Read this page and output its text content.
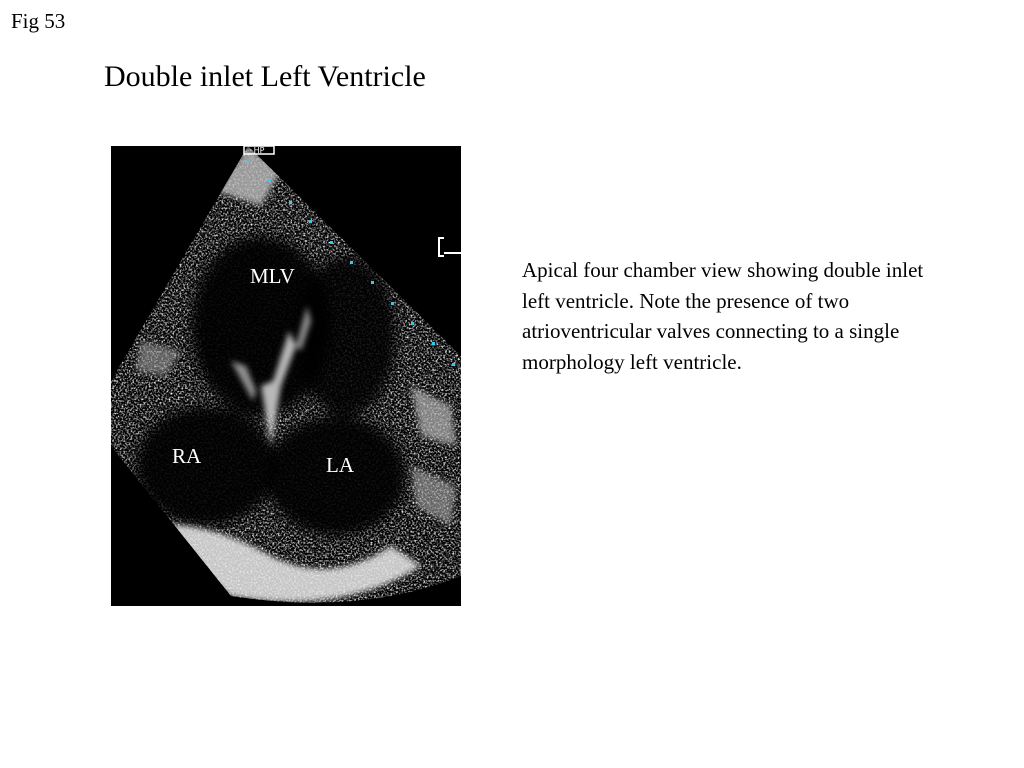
Fig 53
Double inlet Left Ventricle
HP
MLV
RA	LA
Apical four chamber view showing double inlet left ventricle. Note the presence of two atrioventricular valves connecting to a single morphology left ventricle.
